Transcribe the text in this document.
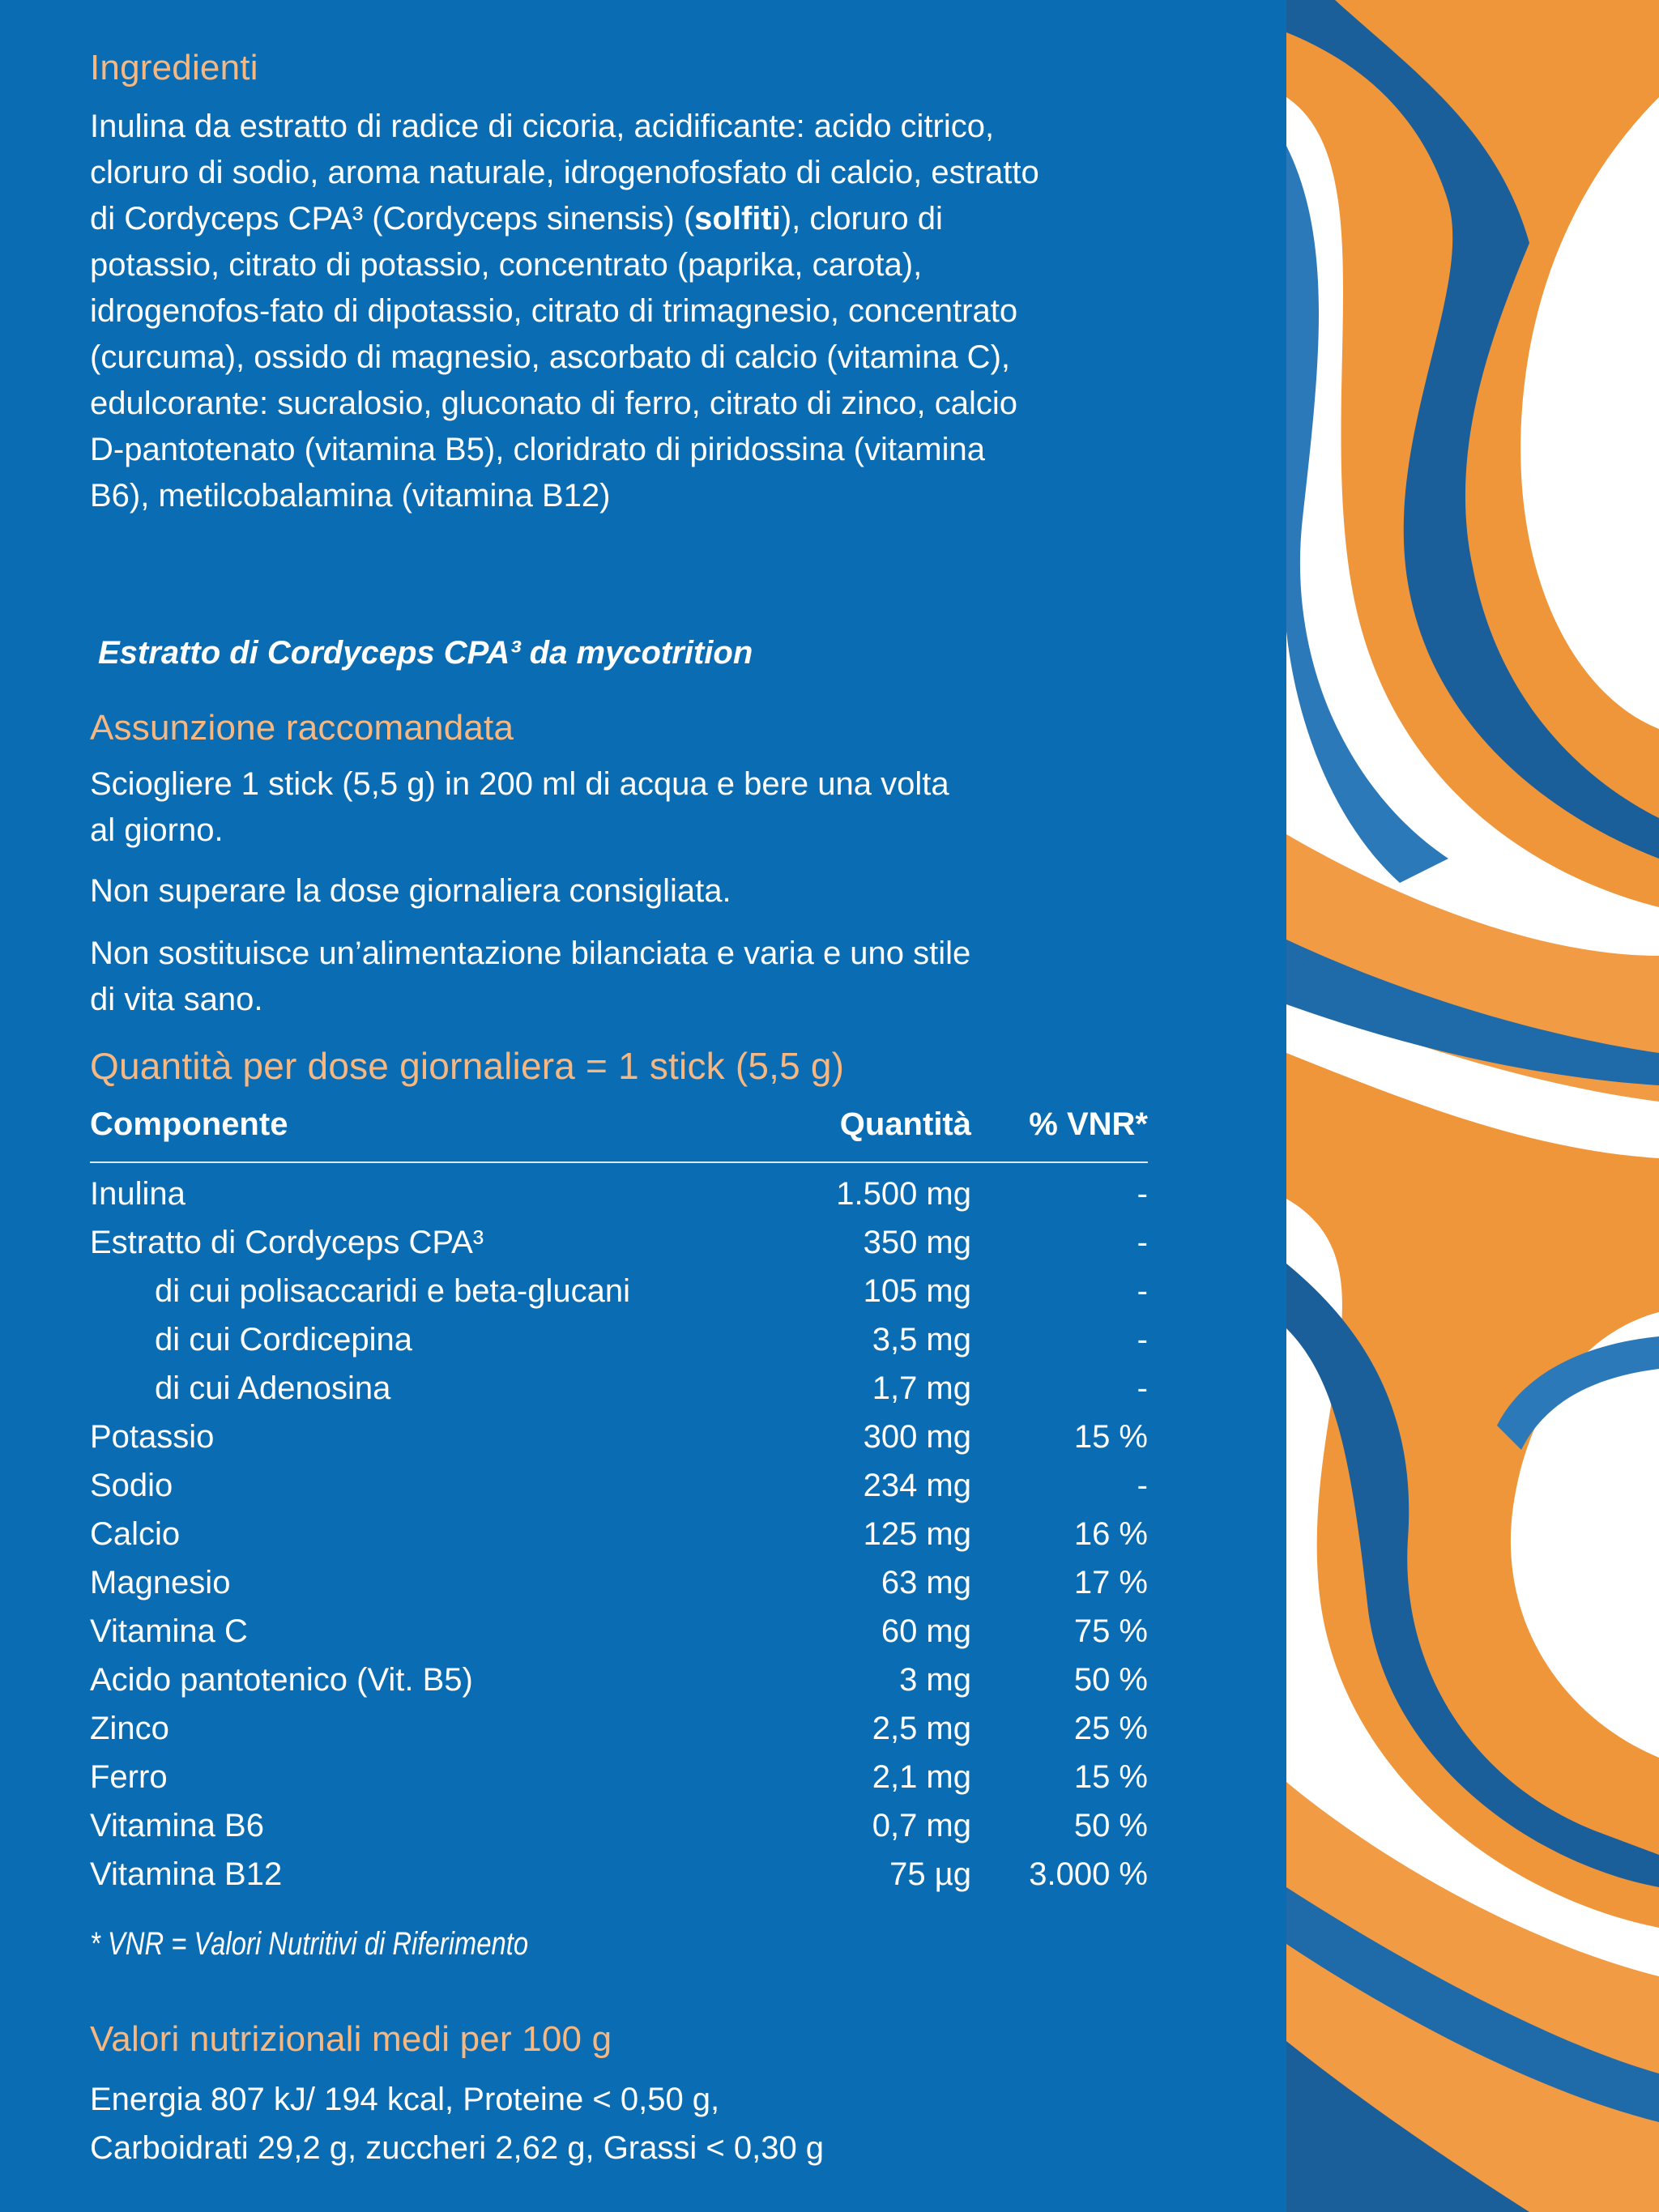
Ingredienti

Inulina da estratto di radice di cicoria, acidificante: acido citrico, cloruro di sodio, aroma naturale, idrogenofosfato di calcio, estratto di Cordyceps CPA³ (Cordyceps sinensis) (solfiti), cloruro di potassio, citrato di potassio, concentrato (paprika, carota), idrogenofos-fato di dipotassio, citrato di trimagnesio, concentrato (curcuma), ossido di magnesio, ascorbato di calcio (vitamina C), edulcorante: sucralosio, gluconato di ferro, citrato di zinco, calcio D-pantotenato (vitamina B5), cloridrato di piridossina (vitamina B6), metilcobalamina (vitamina B12)

Estratto di Cordyceps CPA³ da mycotrition

Assunzione raccomandata

Sciogliere 1 stick (5,5 g) in 200 ml di acqua e bere una volta al giorno.

Non superare la dose giornaliera consigliata.

Non sostituisce un’alimentazione bilanciata e varia e uno stile di vita sano.

Quantità per dose giornaliera = 1 stick (5,5 g)
Componente	Quantità % VNR*
Inulina	1.500 mg	-
Estratto di Cordyceps CPA³	350 mg	-
di cui polisaccaridi e beta-glucani	105 mg	-
di cui Cordicepina	3,5 mg	-
di cui Adenosina	1,7 mg	-
Potassio	300 mg	15 %
Sodio	234 mg	-
Calcio	125 mg	16 %
Magnesio	63 mg	17 %
Vitamina C	60 mg	75 %
Acido pantotenico (Vit. B5)	3 mg	50 %
Zinco	2,5 mg	25 %
Ferro	2,1 mg	15 %
Vitamina B6	0,7 mg	50 %
Vitamina B12	75 µg 3.000 %

* VNR = Valori Nutritivi di Riferimento

Valori nutrizionali medi per 100 g

Energia 807 kJ/ 194 kcal, Proteine < 0,50 g,
Carboidrati 29,2 g, zuccheri 2,62 g, Grassi < 0,30 g
